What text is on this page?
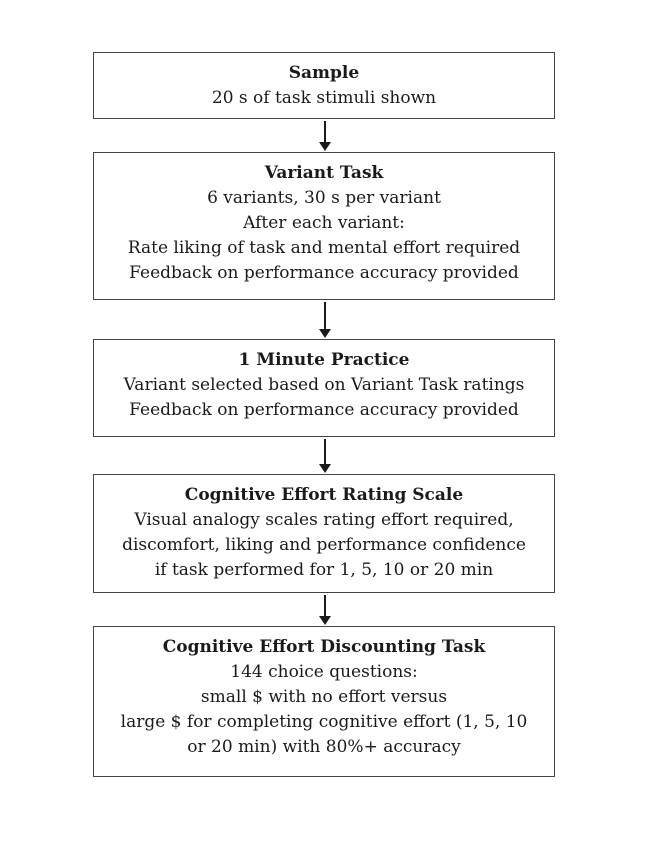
Sample
20 s of task stimuli shown
Variant Task
6 variants, 30 s per variant
After each variant:
Rate liking of task and mental effort required
Feedback on performance accuracy provided
1 Minute Practice
Variant selected based on Variant Task ratings
Feedback on performance accuracy provided
Cognitive Effort Rating Scale
Visual analogy scales rating effort required,
discomfort, liking and performance confidence
if task performed for 1, 5, 10 or 20 min
Cognitive Effort Discounting Task
144 choice questions:
small $ with no effort versus
large $ for completing cognitive effort (1, 5, 10
or 20 min) with 80%+ accuracy
